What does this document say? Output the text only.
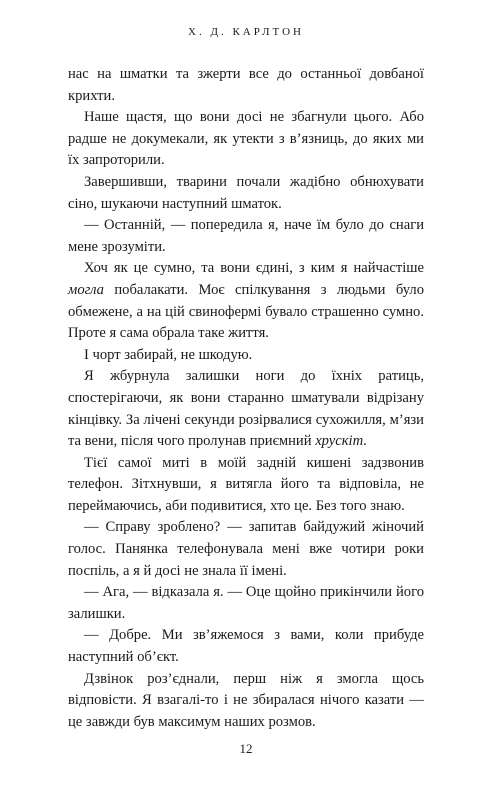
Х. Д. КАРЛТОН

нас на шматки та зжерти все до останньої довбаної крихти.

Наше щастя, що вони досі не збагнули цього. Або радше не докумекали, як утекти з в’язниць, до яких ми їх запроторили.

Завершивши, тварини почали жадібно обнюхувати сіно, шукаючи наступний шматок.

— Останній, — попередила я, наче їм було до снаги мене зрозуміти.

Хоч як це сумно, та вони єдині, з ким я найчастіше могла побалакати. Моє спілкування з людьми було обмежене, а на цій свинофермі бувало страшенно сумно. Проте я сама обрала таке життя.

І чорт забирай, не шкодую.

Я жбурнула залишки ноги до їхніх ратиць, спостерігаючи, як вони старанно шматували відрізану кінцівку. За лічені секунди розірвалися сухожилля, м’язи та вени, після чого пролунав приємний хрускіт.

Тієї самої миті в моїй задній кишені задзвонив телефон. Зітхнувши, я витягла його та відповіла, не переймаючись, аби подивитися, хто це. Без того знаю.

— Справу зроблено? — запитав байдужий жіночий голос. Панянка телефонувала мені вже чотири роки поспіль, а я й досі не знала її імені.

— Ага, — відказала я. — Оце щойно прикінчили його залишки.

— Добре. Ми зв’яжемося з вами, коли прибуде наступний об’єкт.

Дзвінок роз’єднали, перш ніж я змогла щось відповісти. Я взагалі-то і не збиралася нічого казати — це завжди був максимум наших розмов.

12
